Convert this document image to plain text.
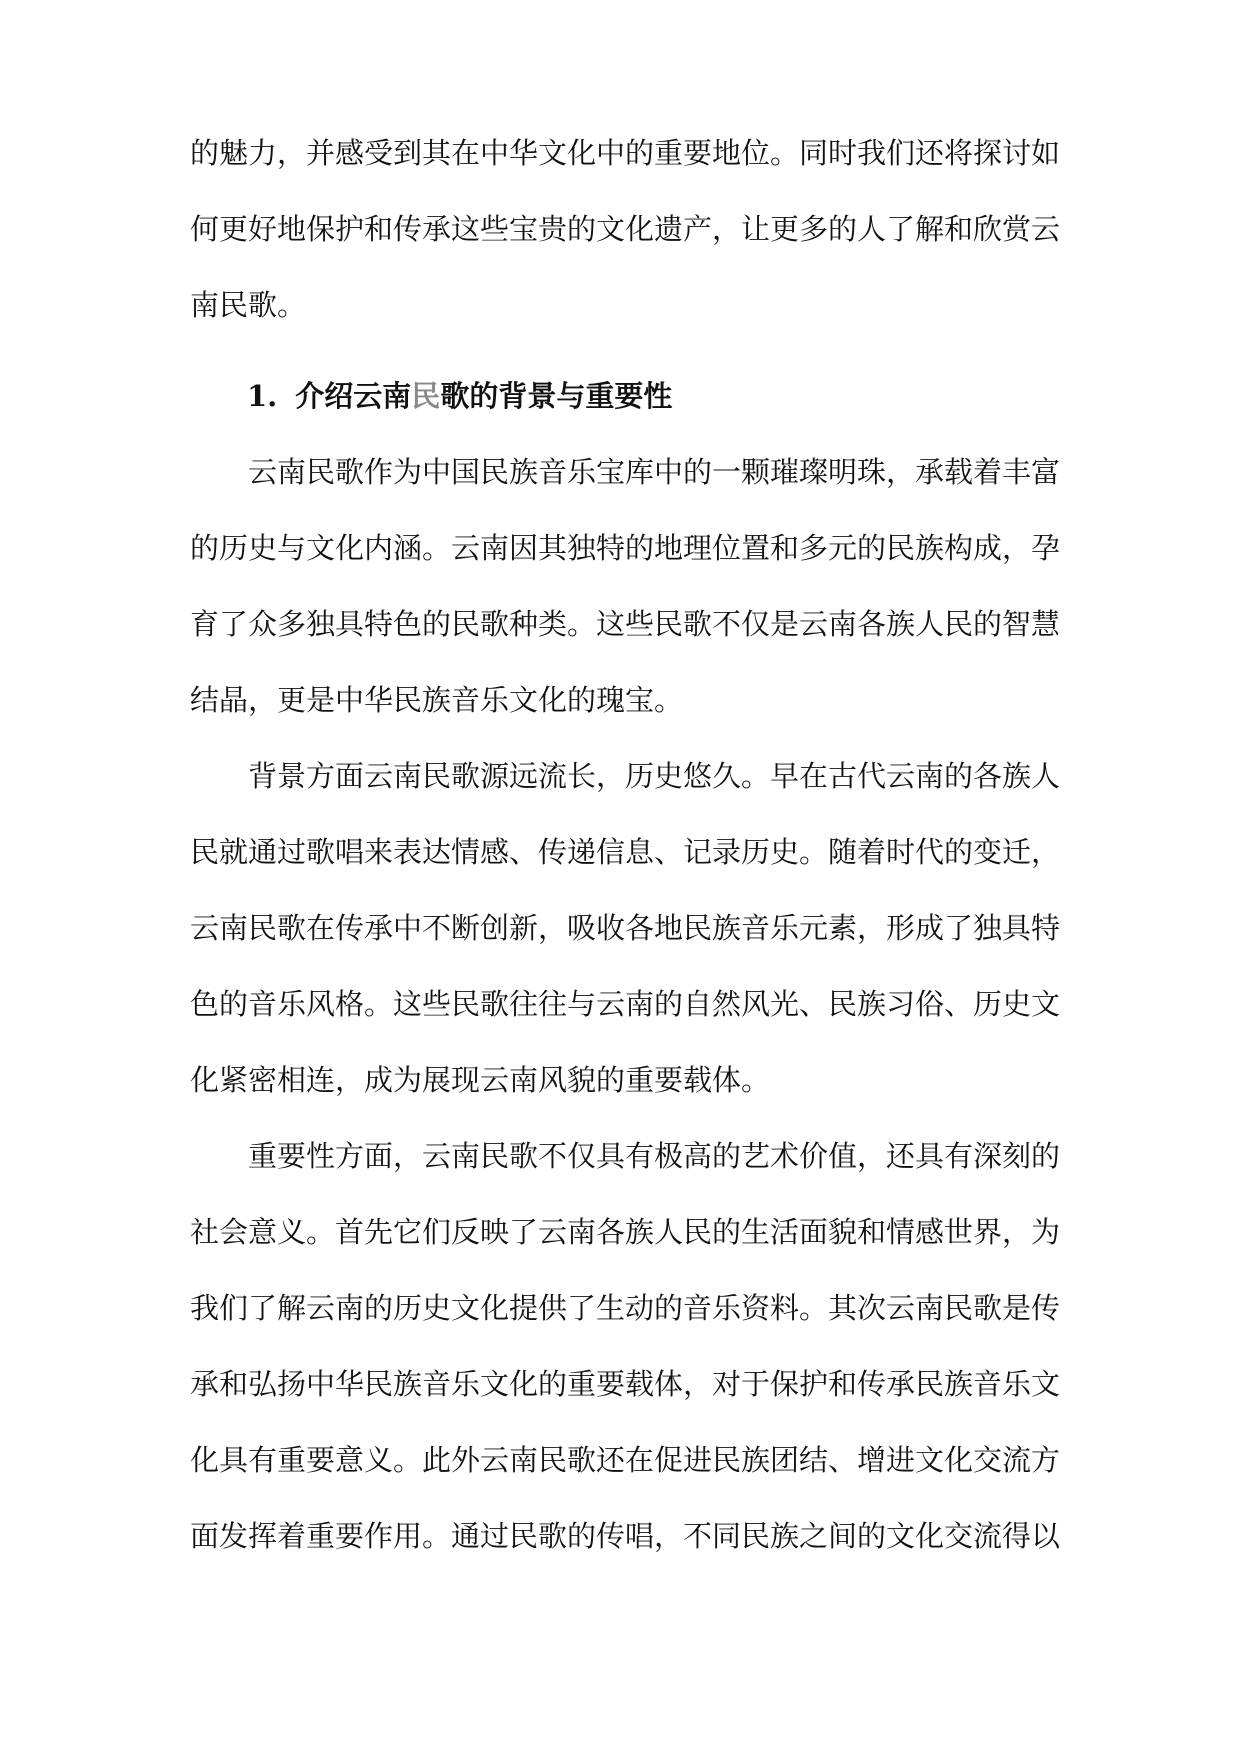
的魅力，并感受到其在中华文化中的重要地位。同时我们还将探讨如
何更好地保护和传承这些宝贵的文化遗产，让更多的人了解和欣赏云
南民歌。
1. 介绍云南民歌的背景与重要性
云南民歌作为中国民族音乐宝库中的一颗璀璨明珠，承载着丰富
的历史与文化内涵。云南因其独特的地理位置和多元的民族构成，孕
育了众多独具特色的民歌种类。这些民歌不仅是云南各族人民的智慧
结晶，更是中华民族音乐文化的瑰宝。
背景方面云南民歌源远流长，历史悠久。早在古代云南的各族人
民就通过歌唱来表达情感、传递信息、记录历史。随着时代的变迁，
云南民歌在传承中不断创新，吸收各地民族音乐元素，形成了独具特
色的音乐风格。这些民歌往往与云南的自然风光、民族习俗、历史文
化紧密相连，成为展现云南风貌的重要载体。
重要性方面，云南民歌不仅具有极高的艺术价值，还具有深刻的
社会意义。首先它们反映了云南各族人民的生活面貌和情感世界，为
我们了解云南的历史文化提供了生动的音乐资料。其次云南民歌是传
承和弘扬中华民族音乐文化的重要载体，对于保护和传承民族音乐文
化具有重要意义。此外云南民歌还在促进民族团结、增进文化交流方
面发挥着重要作用。通过民歌的传唱，不同民族之间的文化交流得以
